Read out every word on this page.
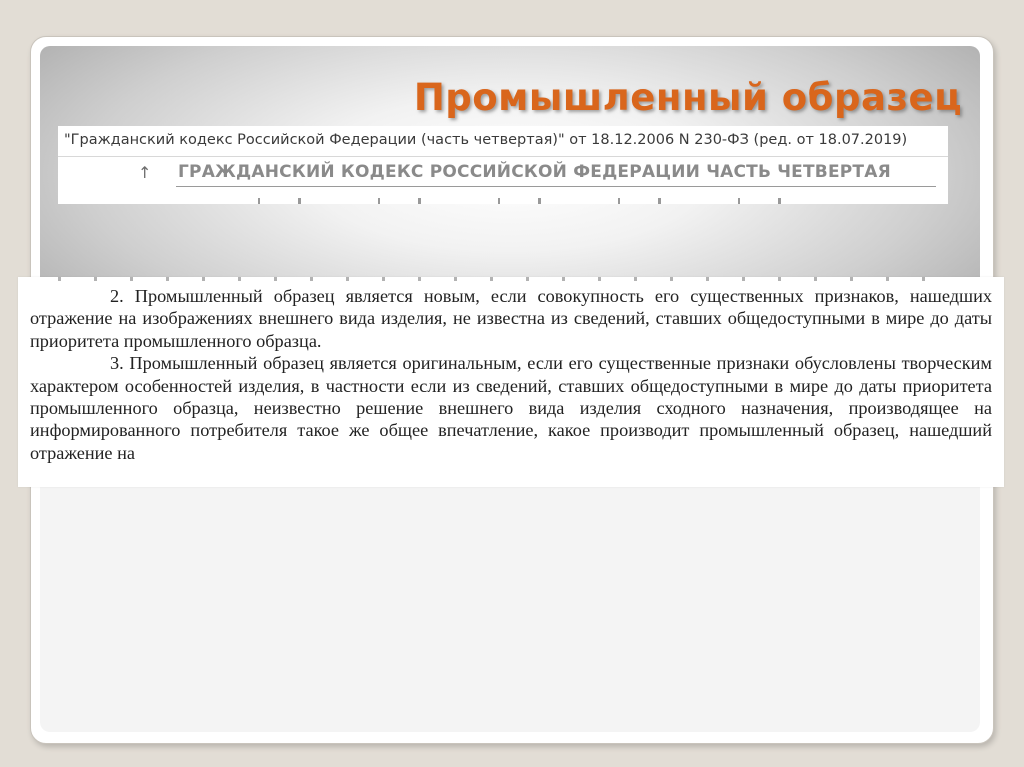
Промышленный образец
"Гражданский кодекс Российской Федерации (часть четвертая)" от 18.12.2006 N 230-ФЗ (ред. от 18.07.2019)
↑ ГРАЖДАНСКИЙ КОДЕКС РОССИЙСКОЙ ФЕДЕРАЦИИ ЧАСТЬ ЧЕТВЕРТАЯ

2. Промышленный образец является новым, если совокупность его существенных признаков, нашедших отражение на изображениях внешнего вида изделия, не известна из сведений, ставших общедоступными в мире до даты приоритета промышленного образца.

3. Промышленный образец является оригинальным, если его существенные признаки обусловлены творческим характером особенностей изделия, в частности если из сведений, ставших общедоступными в мире до даты приоритета промышленного образца, неизвестно решение внешнего вида изделия сходного назначения, производящее на информированного потребителя такое же общее впечатление, какое производит промышленный образец, нашедший отражение на
